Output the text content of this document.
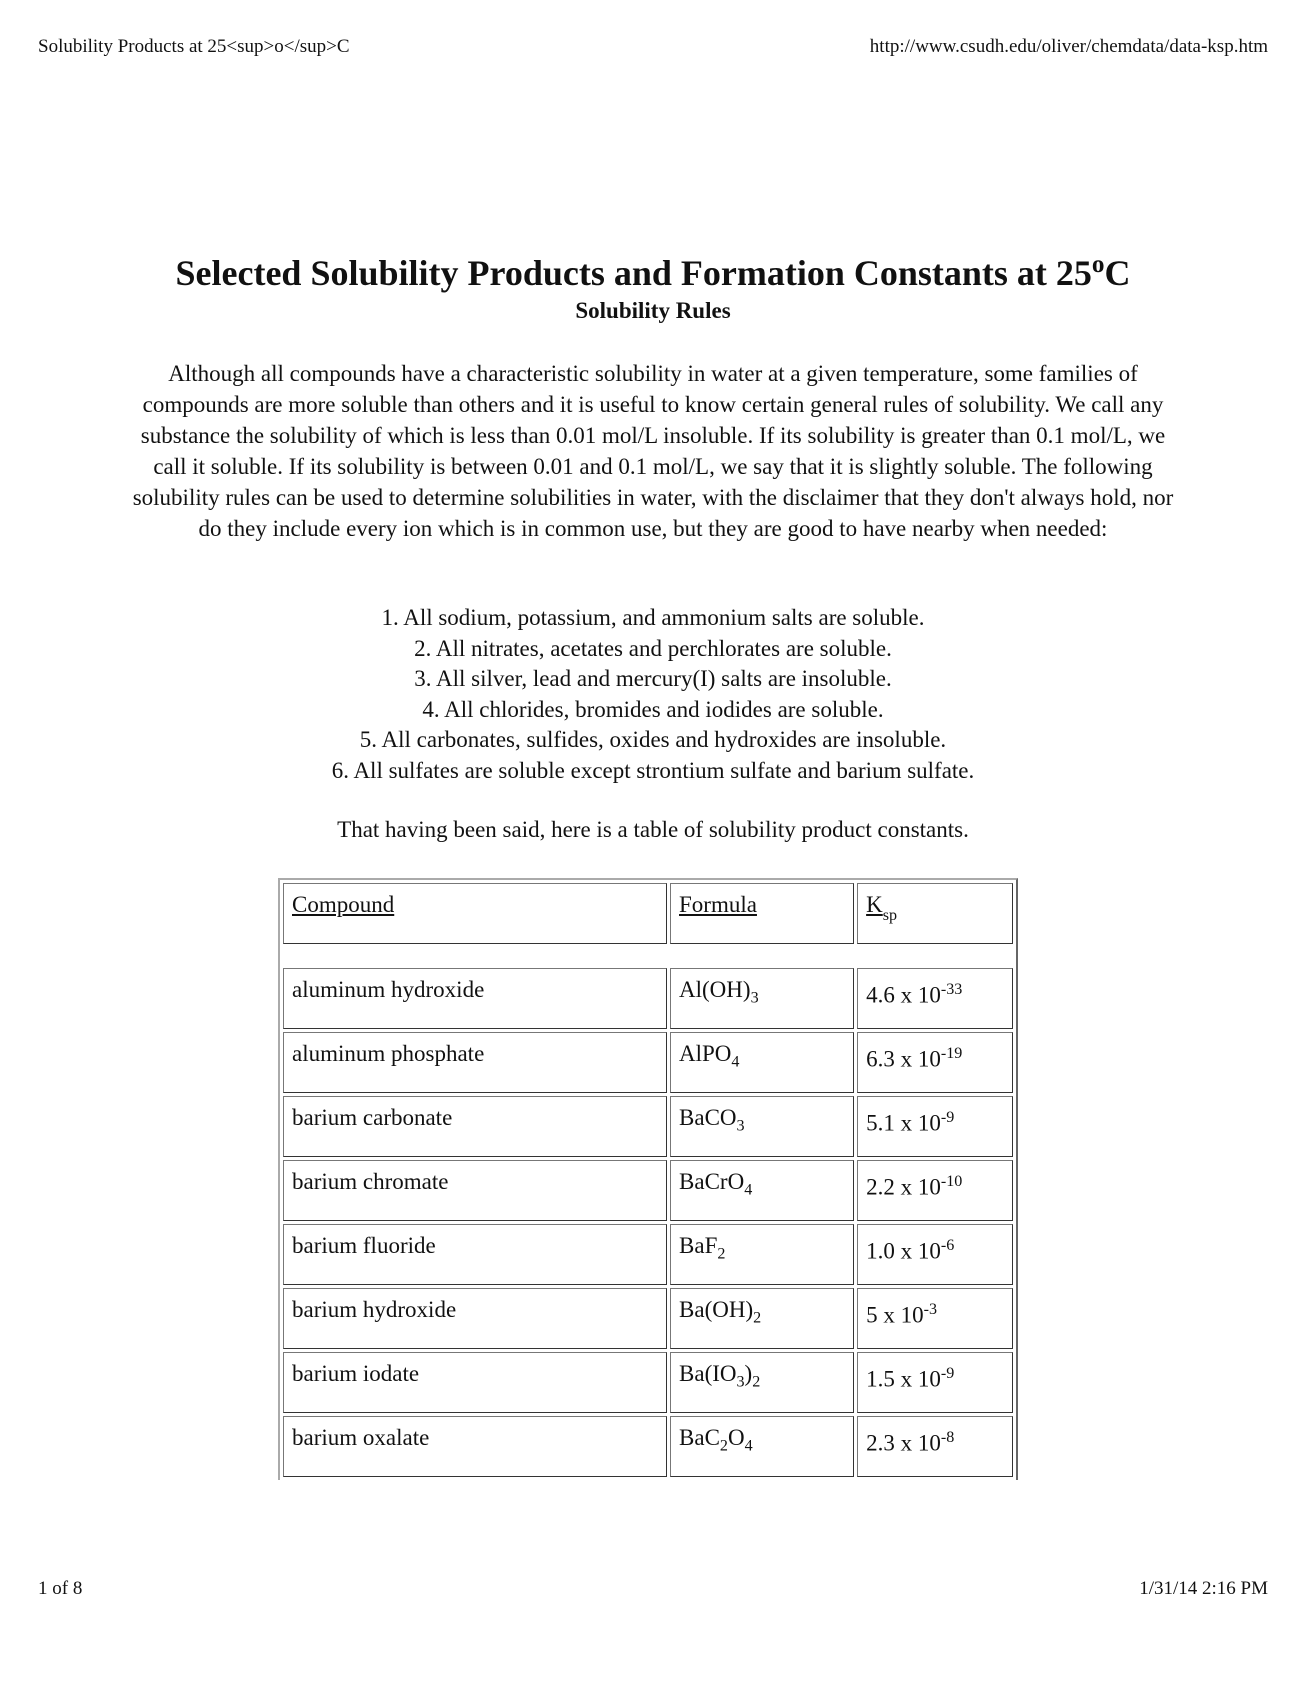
Solubility Products at 25<sup>o</sup>C	http://www.csudh.edu/oliver/chemdata/data-ksp.htm
Selected Solubility Products and Formation Constants at 25$^o$C
Solubility Rules

Although all compounds have a characteristic solubility in water at a given temperature, some families of compounds are more soluble than others and it is useful to know certain general rules of solubility. We call any substance the solubility of which is less than 0.01 mol/L insoluble. If its solubility is greater than 0.1 mol/L, we call it soluble. If its solubility is between 0.01 and 0.1 mol/L, we say that it is slightly soluble. The following solubility rules can be used to determine solubilities in water, with the disclaimer that they don't always hold, nor do they include every ion which is in common use, but they are good to have nearby when needed:

1. All sodium, potassium, and ammonium salts are soluble.
2. All nitrates, acetates and perchlorates are soluble.
3. All silver, lead and mercury(I) salts are insoluble.
4. All chlorides, bromides and iodides are soluble.
5. All carbonates, sulfides, oxides and hydroxides are insoluble.
6. All sulfates are soluble except strontium sulfate and barium sulfate.

That having been said, here is a table of solubility product constants.

Compound	Formula	$K_{sp}$

aluminum hydroxide	$Al(OH)_3$	4.6 x $10^{-33}$
aluminum phosphate	AlPO$_4$	6.3 x $10^{-19}$
barium carbonate	BaCO$_3$	5.1 x $10^{-9}$
barium chromate	BaCrO$_4$	2.2 x $10^{-10}$
barium fluoride	BaF$_2$	1.0 x $10^{-6}$
barium hydroxide	$Ba(OH)_2$	5 x $10^{-3}$
barium iodate	$Ba(IO_3)_2$	1.5 x $10^{-9}$
barium oxalate	$BaC_2O_4$	2.3 x $10^{-8}$
1 of 8	1/31/14 2:16 PM
